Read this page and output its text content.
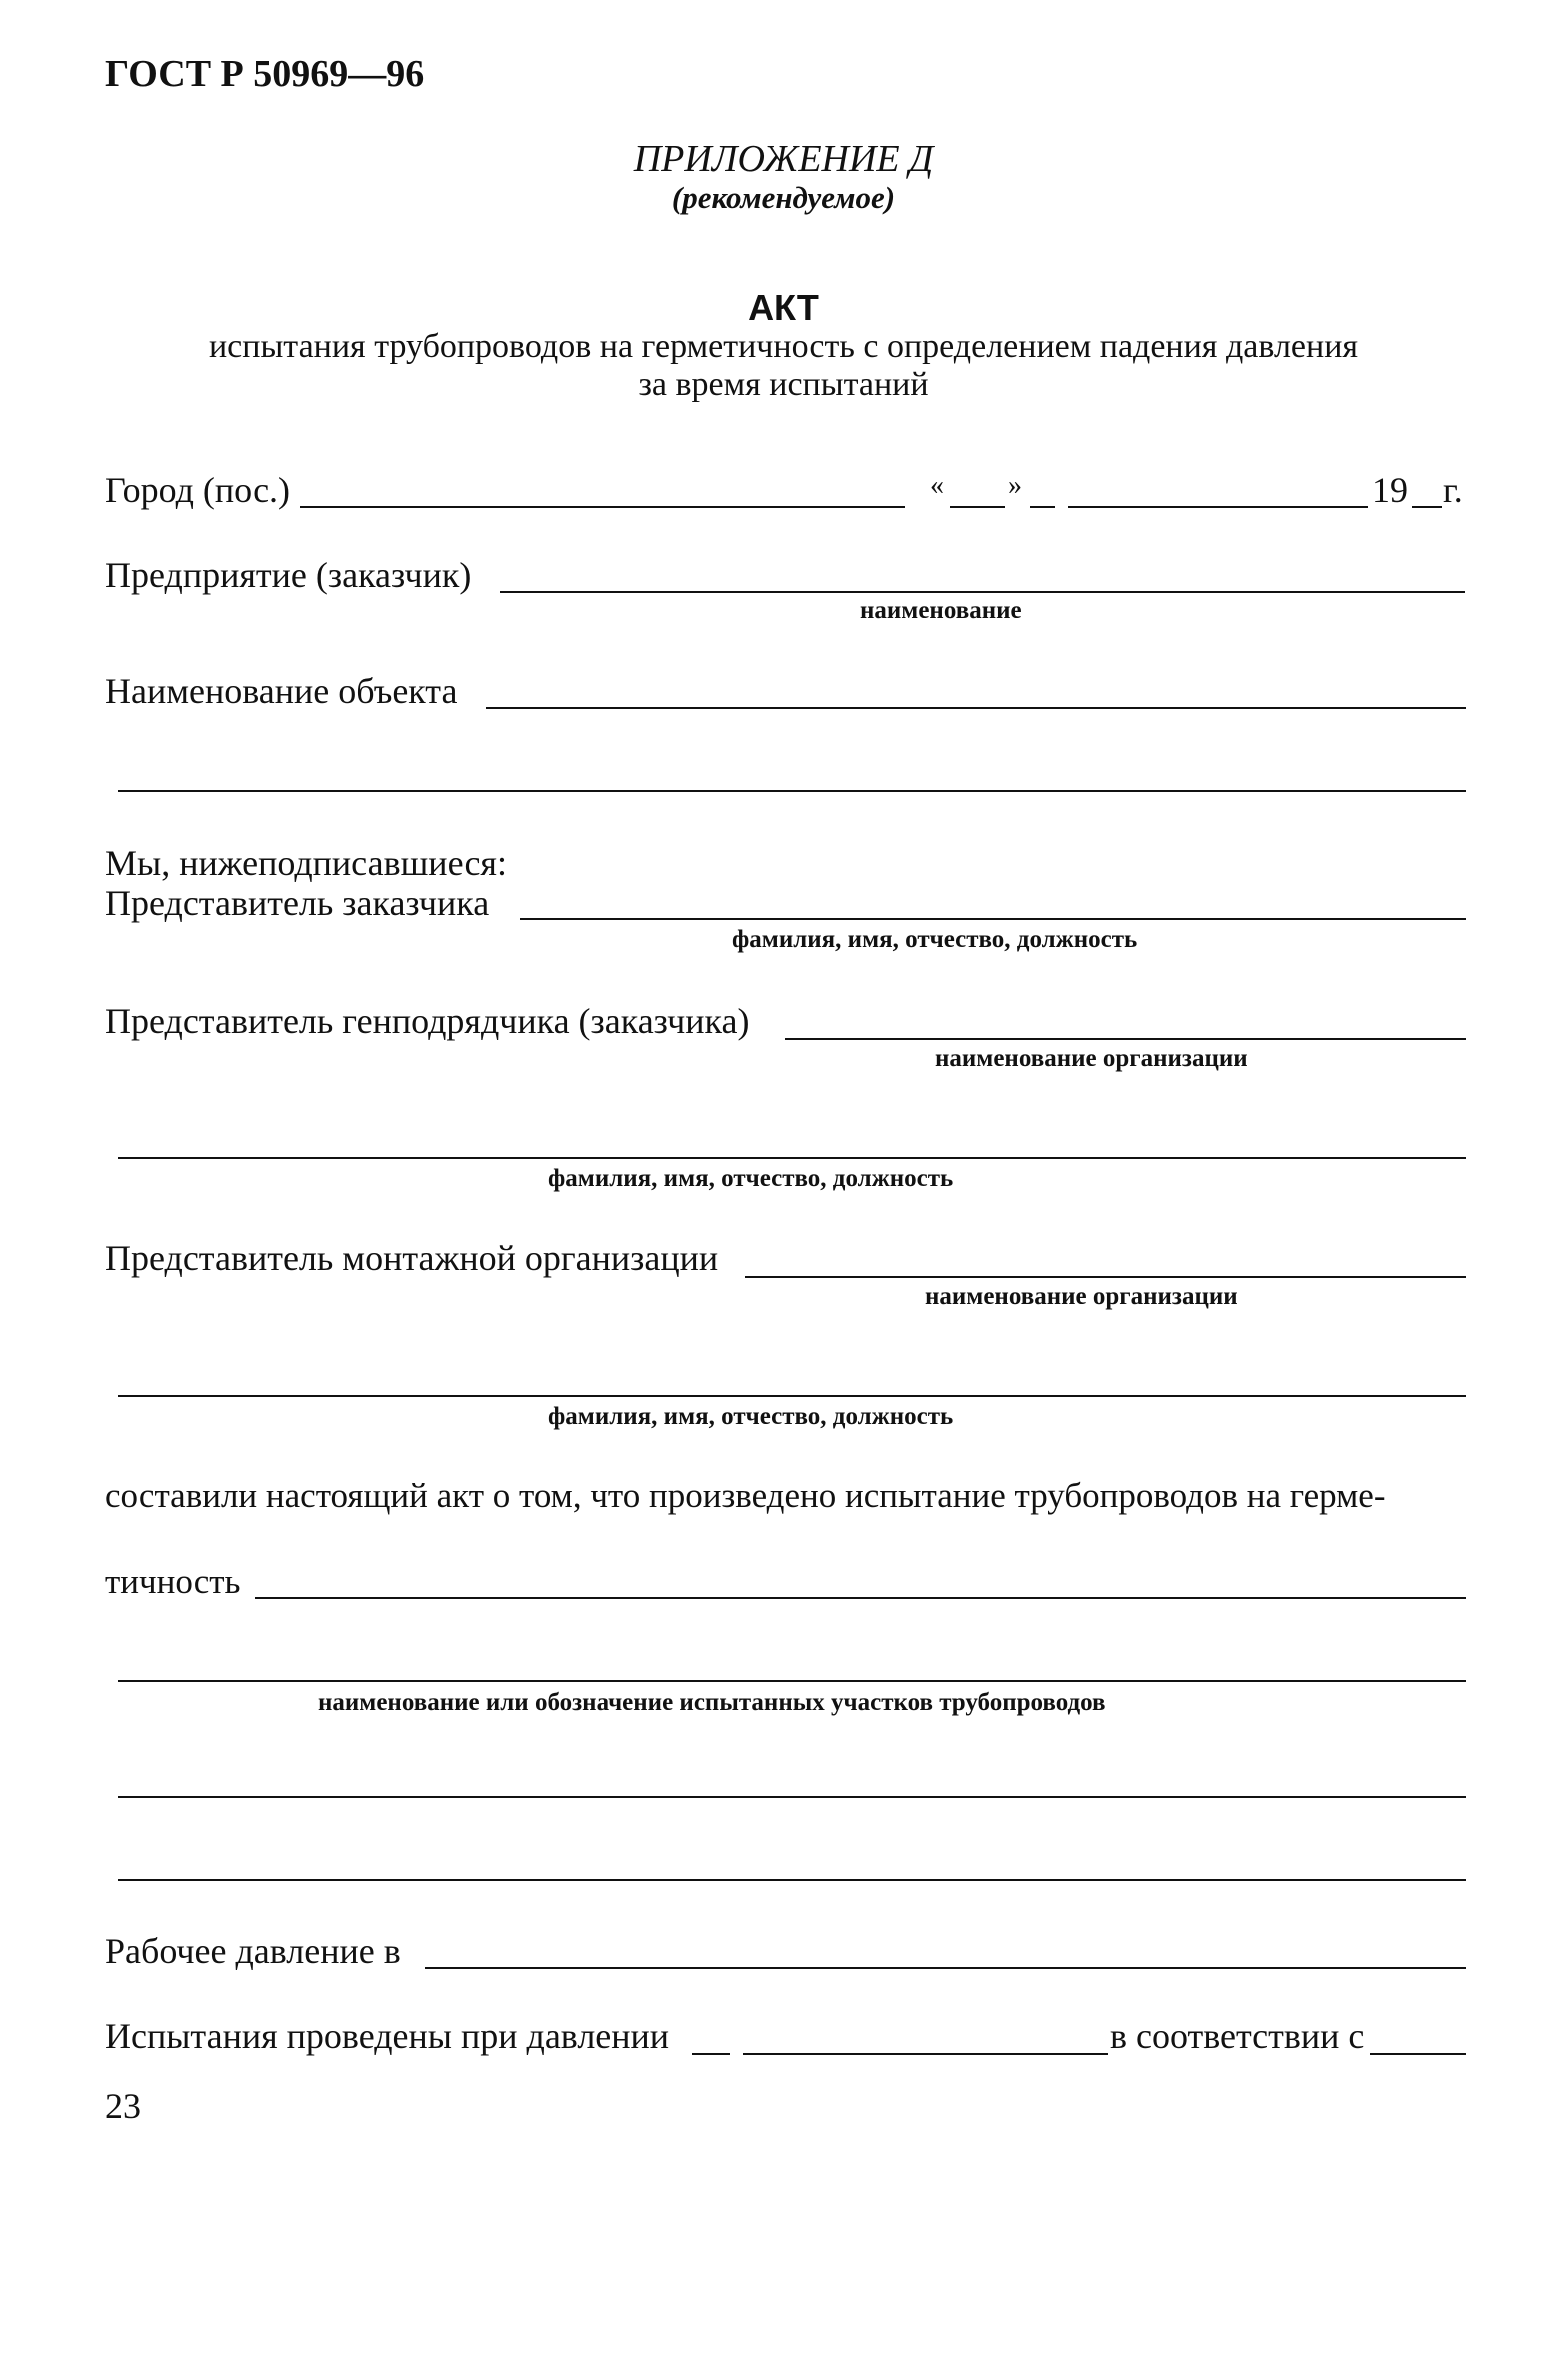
ГОСТ Р 50969—96
ПРИЛОЖЕНИЕ Д
(рекомендуемое)
АКТ
испытания трубопроводов на герметичность с определением падения давления
за время испытаний
Город (пос.)	« »	19 г.
Предприятие (заказчик)
наименование
Наименование объекта
Мы, нижеподписавшиеся:
Представитель заказчика
фамилия, имя, отчество, должность
Представитель генподрядчика (заказчика)
наименование организации
фамилия, имя, отчество, должность
Представитель монтажной организации
наименование организации
фамилия, имя, отчество, должность
составили настоящий акт о том, что произведено испытание трубопроводов на герме-
тичность
наименование или обозначение испытанных участков трубопроводов
Рабочее давление в
Испытания проведены при давлении	в соответствии с
23
